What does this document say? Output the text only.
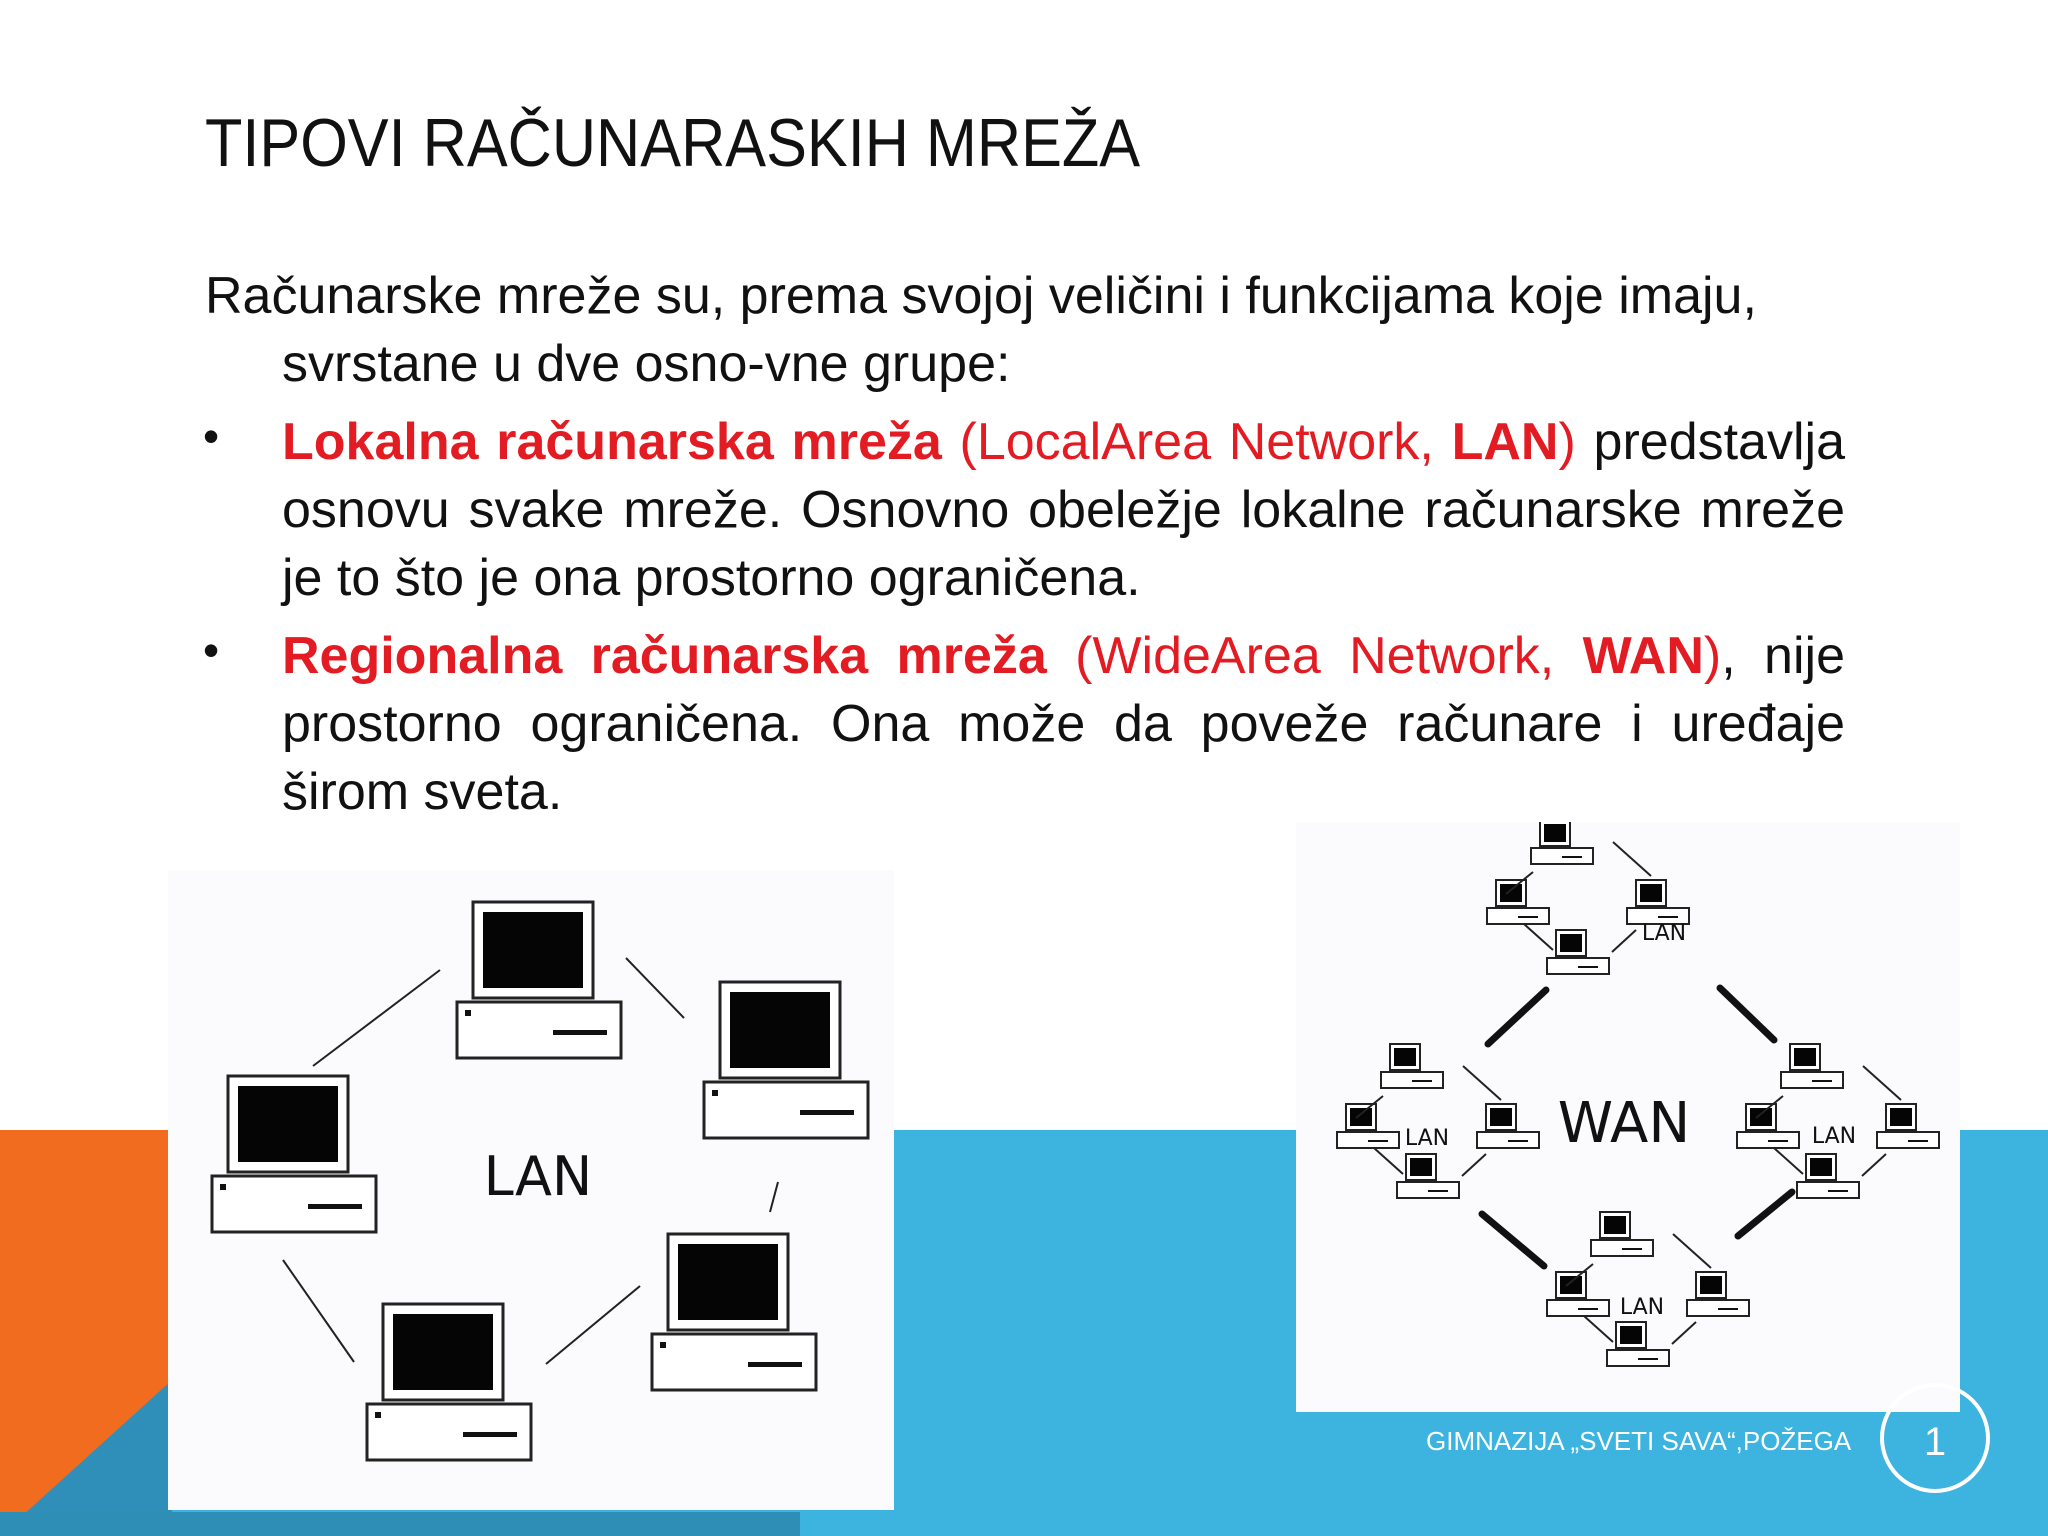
TIPOVI RAČUNARASKIH MREŽA

Računarske mreže su, prema svojoj veličini i funkcijama koje imaju, svrstane u dve osno-vne grupe:

• Lokalna računarska mreža (LocalArea Network, LAN) predstavlja osnovu svake mreže. Osnovno obeležje lokalne računarske mreže je to što je ona prostorno ograničena.
• Regionalna računarska mreža (WideArea Network, WAN), nije prostorno ograničena. Ona može da poveže računare i uređaje širom sveta.
LAN
LAN
LAN	LAN
LAN
WAN
GIMNAZIJA „SVETI SAVA“,POŽEGA	1
